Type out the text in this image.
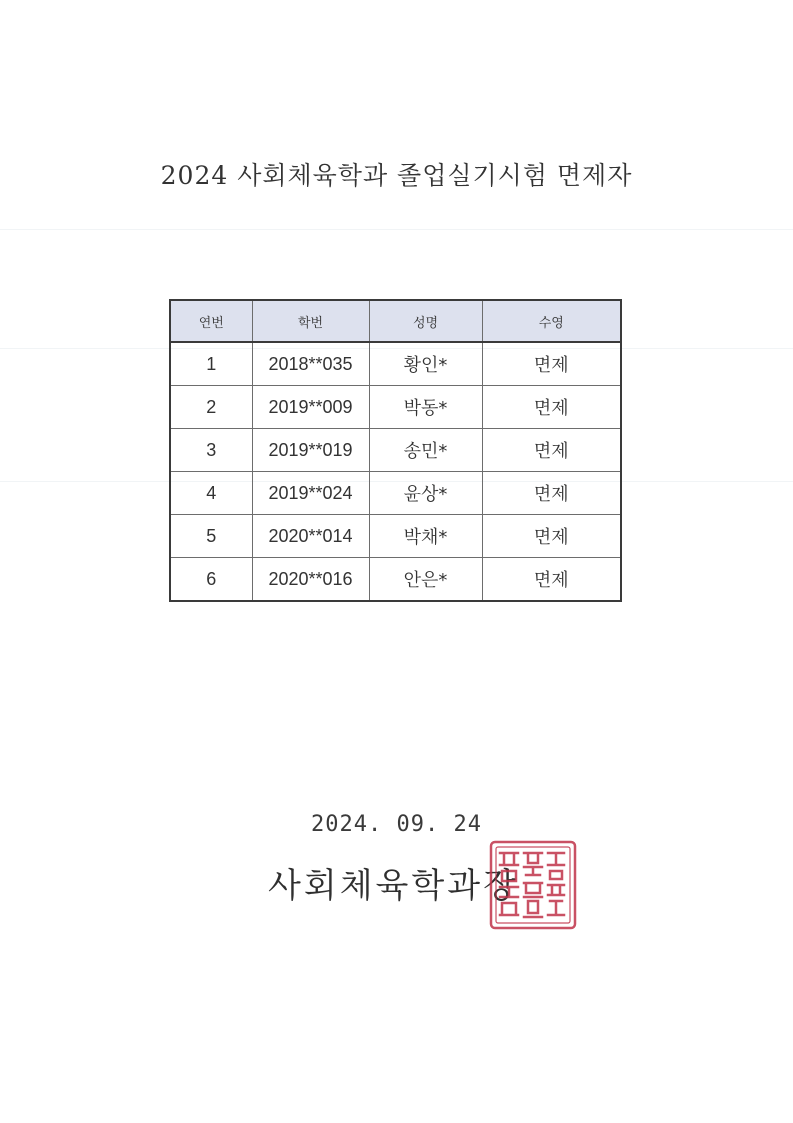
2024 사회체육학과 졸업실기시험 면제자
연번	학번	성명	수영
1	2018**035	황인*	면제
2	2019**009	박동*	면제
3	2019**019	송민*	면제
4	2019**024	윤상*	면제
5	2020**014	박채*	면제
6	2020**016	안은*	면제
2024. 09. 24
사회체육학과장
